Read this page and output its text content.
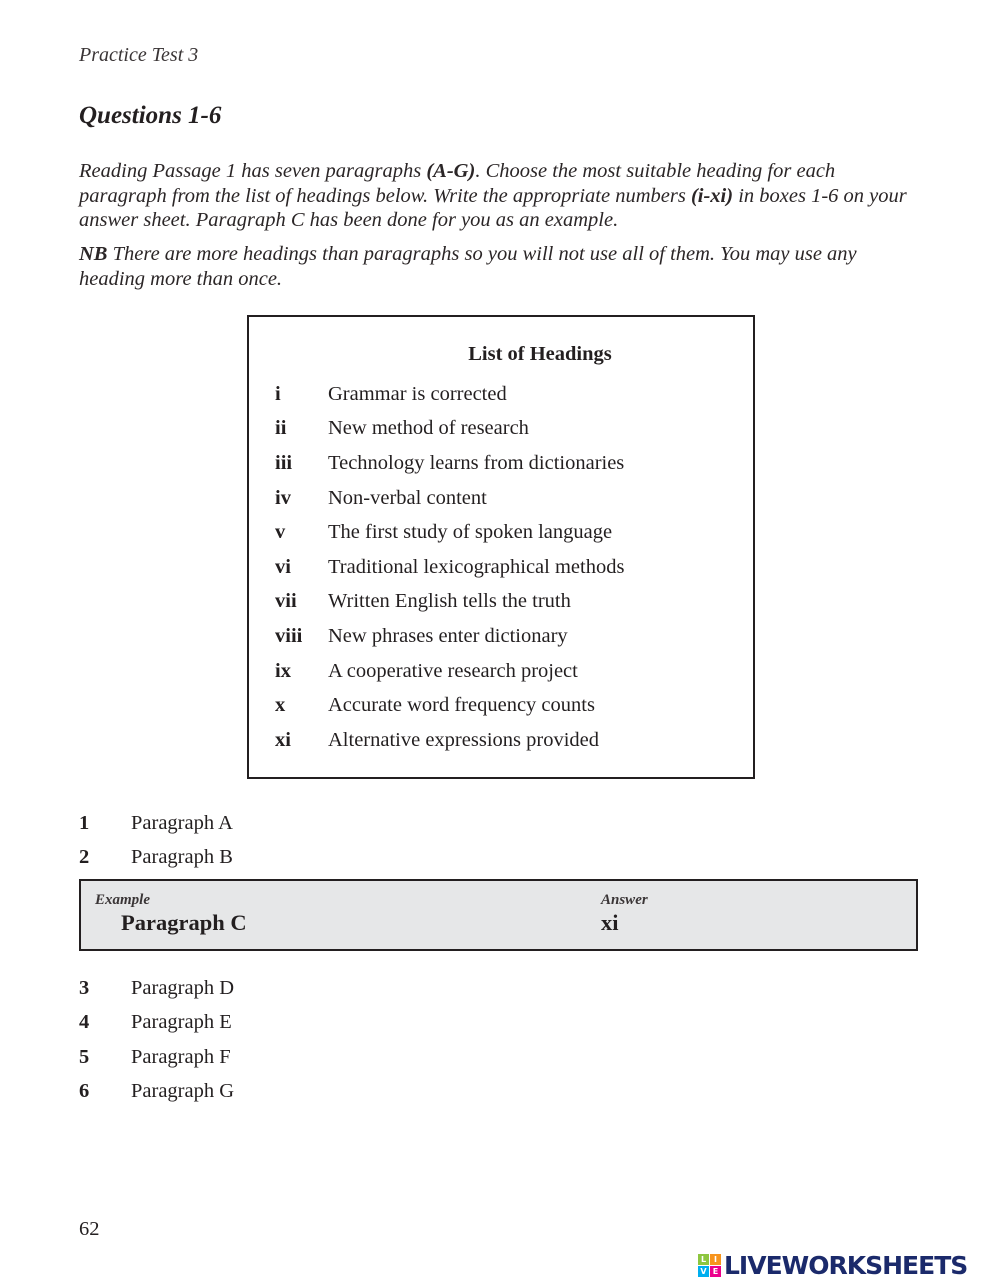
Practice Test 3
Questions 1-6
Reading Passage 1 has seven paragraphs (A-G). Choose the most suitable heading for each paragraph from the list of headings below. Write the appropriate numbers (i-xi) in boxes 1-6 on your answer sheet. Paragraph C has been done for you as an example.
NB There are more headings than paragraphs so you will not use all of them. You may use any heading more than once.
List of Headings
i	Grammar is corrected
ii	New method of research
iii	Technology learns from dictionaries
iv	Non-verbal content
v	The first study of spoken language
vi	Traditional lexicographical methods
vii	Written English tells the truth
viii	New phrases enter dictionary
ix	A cooperative research project
x	Accurate word frequency counts
xi	Alternative expressions provided
1	Paragraph A
2	Paragraph B
Example
Paragraph C
Answer
xi
3	Paragraph D
4	Paragraph E
5	Paragraph F
6	Paragraph G
62
L I
V E LIVEWORKSHEETS
